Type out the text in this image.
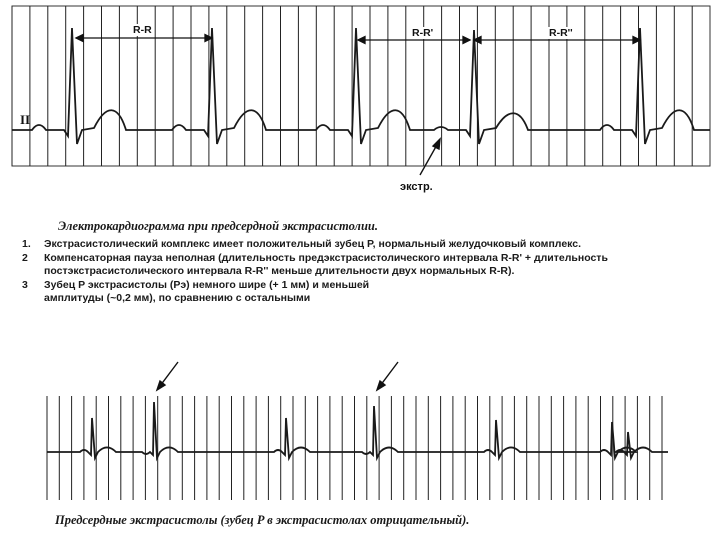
II
R-R	R-R'	R-R''
экстр.
Электрокардиограмма при предсердной экстрасистолии.
1.	Экстрасистолический комплекс имеет положительный зубец P, нормальный желудочковый комплекс.
2	Компенсаторная пауза неполная (длительность предэкстрасистолического интервала R-R' + длительность постэкстрасистолического интервала R-R'' меньше длительности двух нормальных R-R).
3	Зубец P экстрасистолы (Pэ) немного шире (+ 1 мм) и меньшей амплитуды (~0,2 мм), по сравнению с остальными
Предсердные экстрасистолы (зубец P в экстрасистолах отрицательный).
